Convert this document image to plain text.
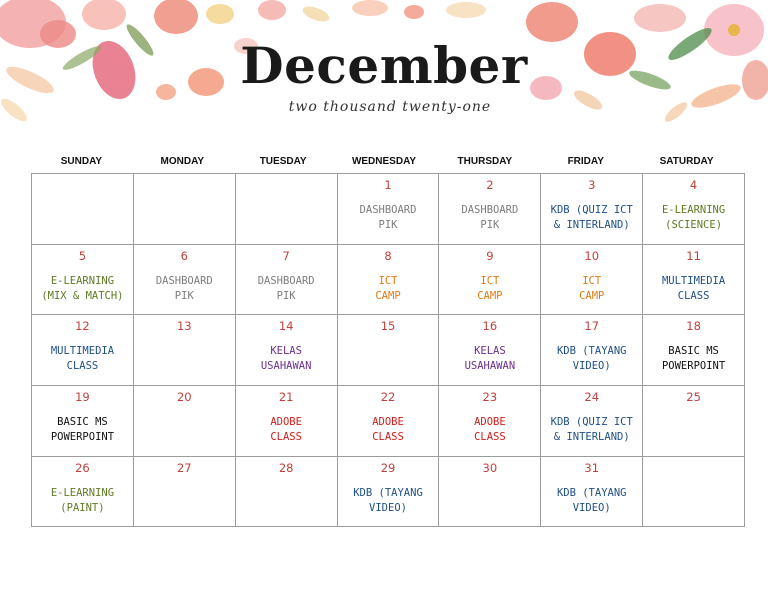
December
two thousand twenty-one
SUNDAY	MONDAY	TUESDAY	WEDNESDAY	THURSDAY	FRIDAY	SATURDAY

			1
DASHBOARD
PIK	2
DASHBOARD
PIK	3
KDB (QUIZ ICT
& INTERLAND)	4
E-LEARNING
(SCIENCE)

5
E-LEARNING
(MIX & MATCH)	6
DASHBOARD
PIK	7
DASHBOARD
PIK	8
ICT
CAMP	9
ICT
CAMP	10
ICT
CAMP	11
MULTIMEDIA
CLASS

12
MULTIMEDIA
CLASS	13	14
KELAS
USAHAWAN	15	16
KELAS
USAHAWAN	17
KDB (TAYANG
VIDEO)	18
BASIC MS
POWERPOINT

19
BASIC MS
POWERPOINT	20	21
ADOBE
CLASS	22
ADOBE
CLASS	23
ADOBE
CLASS	24
KDB (QUIZ ICT
& INTERLAND)	25

26
E-LEARNING
(PAINT)	27	28	29
KDB (TAYANG
VIDEO)	30	31
KDB (TAYANG
VIDEO)	
